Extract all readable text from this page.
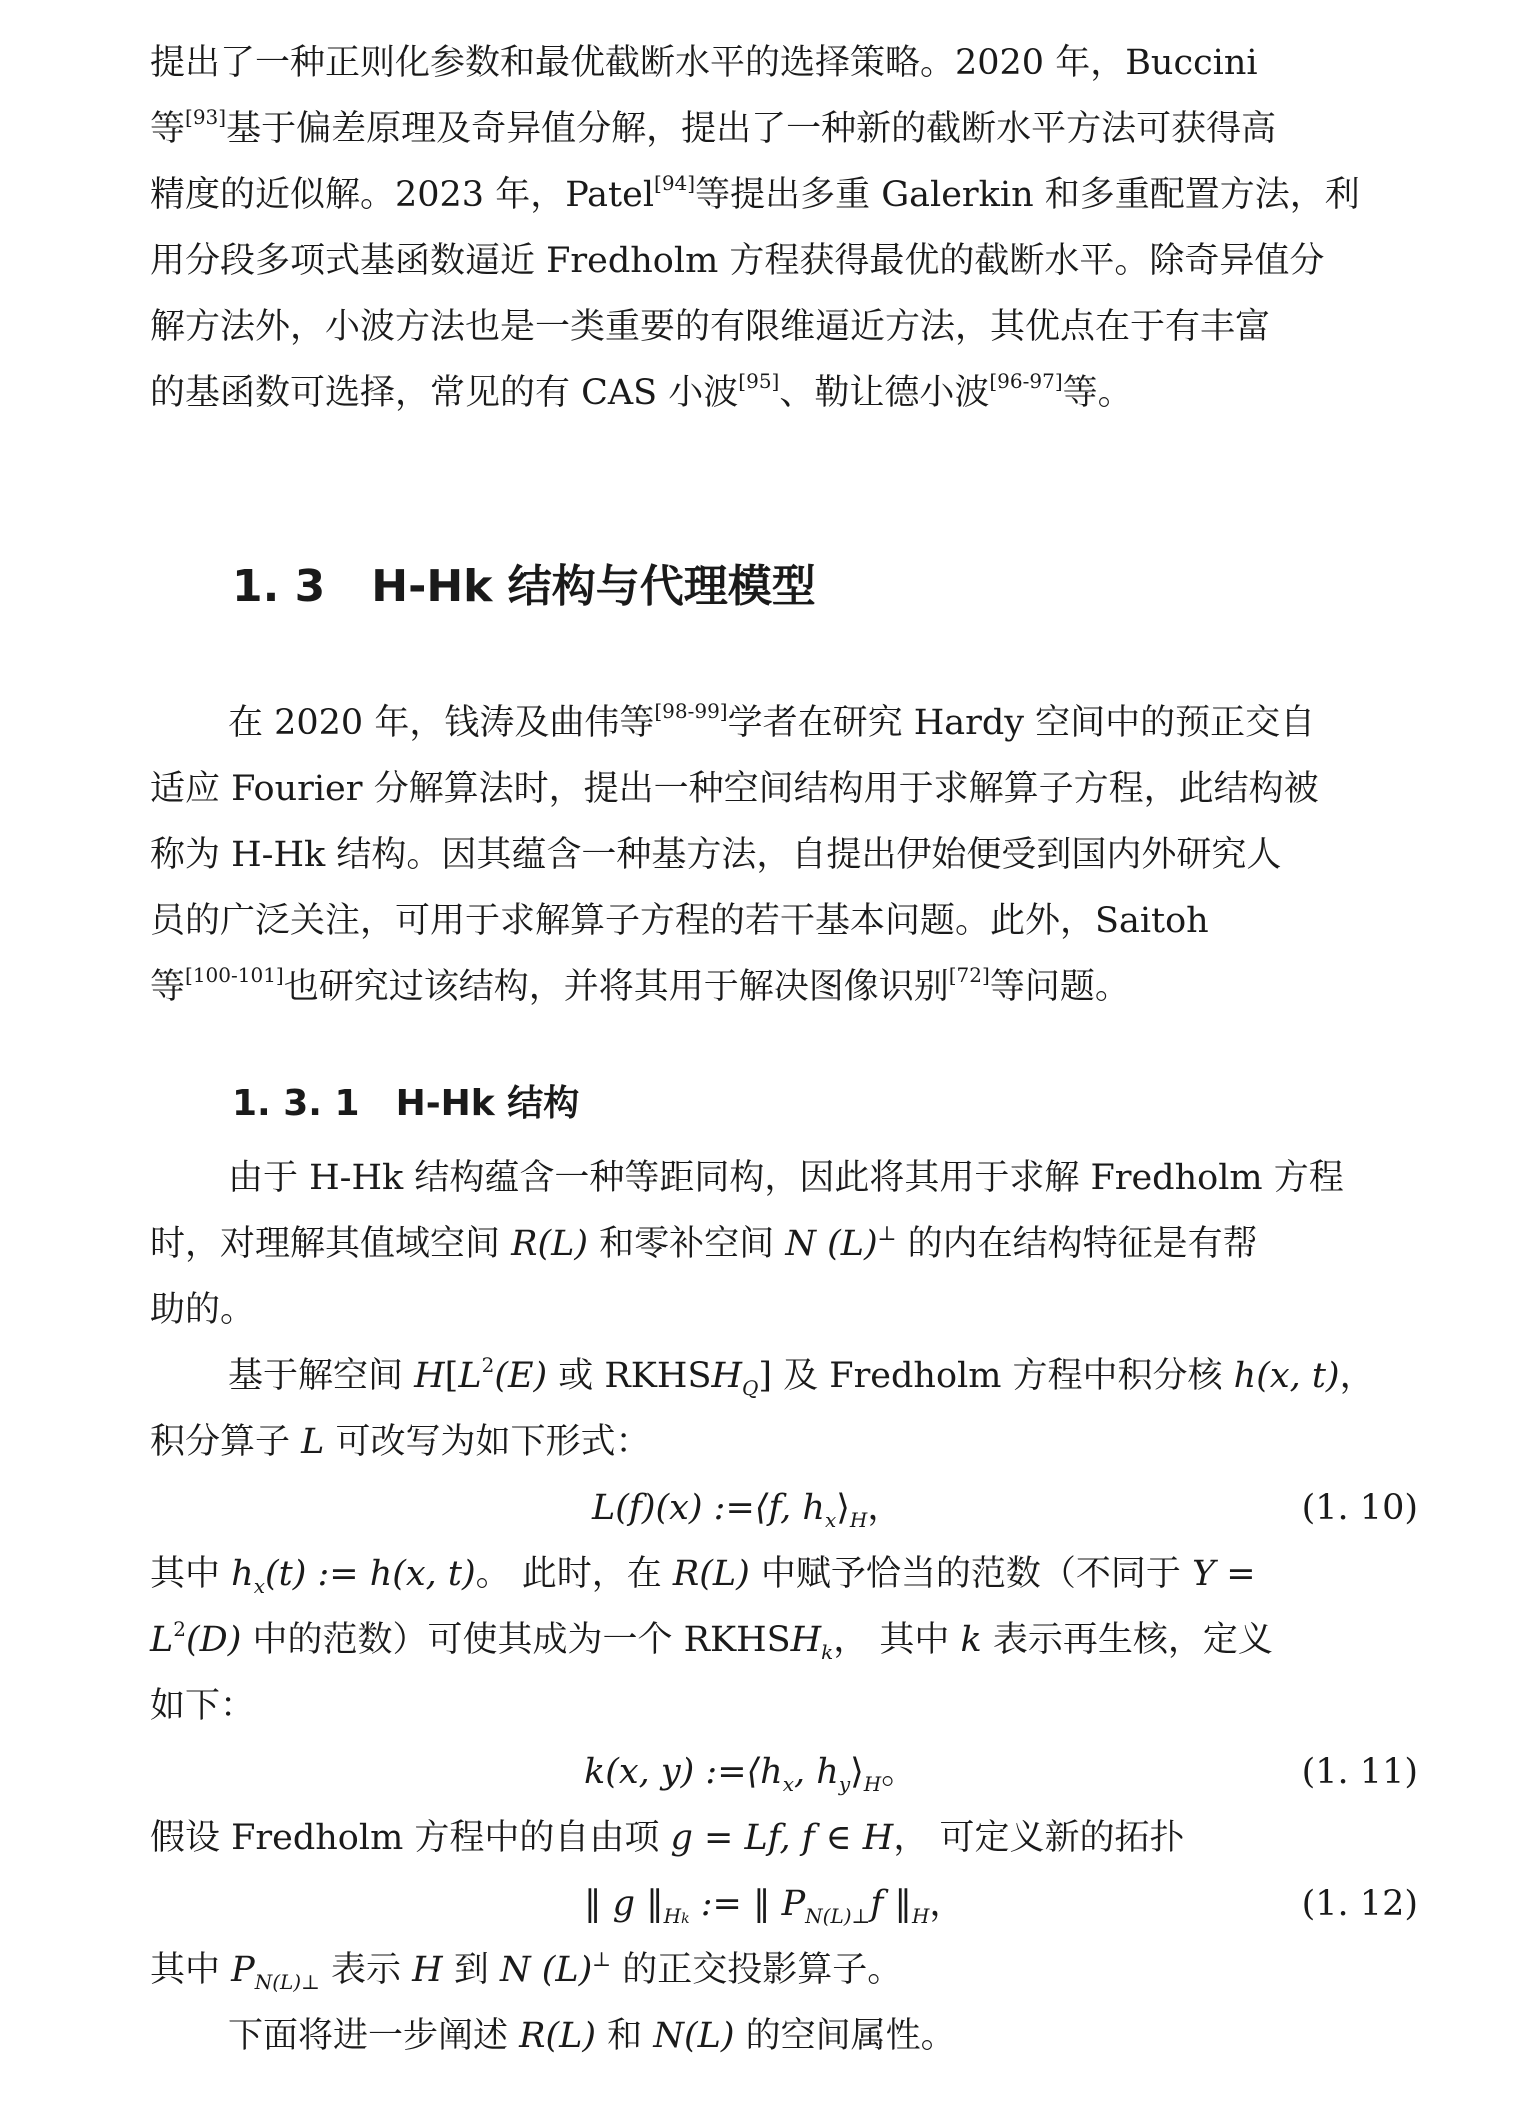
提出了一种正则化参数和最优截断水平的选择策略。2020 年，Buccini

等[93]基于偏差原理及奇异值分解，提出了一种新的截断水平方法可获得高

精度的近似解。2023 年，Patel[94]等提出多重 Galerkin 和多重配置方法，利

用分段多项式基函数逼近 Fredholm 方程获得最优的截断水平。除奇异值分

解方法外，小波方法也是一类重要的有限维逼近方法，其优点在于有丰富

的基函数可选择，常见的有 CAS 小波[95]、勒让德小波[96-97]等。

1. 3 H-Hk 结构与代理模型

在 2020 年，钱涛及曲伟等[98-99]学者在研究 Hardy 空间中的预正交自

适应 Fourier 分解算法时，提出一种空间结构用于求解算子方程，此结构被

称为 H-Hk 结构。因其蕴含一种基方法，自提出伊始便受到国内外研究人

员的广泛关注，可用于求解算子方程的若干基本问题。此外，Saitoh

等[100-101]也研究过该结构，并将其用于解决图像识别[72]等问题。

1. 3. 1 H-Hk 结构

由于 H-Hk 结构蕴含一种等距同构，因此将其用于求解 Fredholm 方程

时，对理解其值域空间 R(L) 和零补空间 N (L)⊥ 的内在结构特征是有帮

助的。

基于解空间 $H[L^2(E)$ 或 $RKHSH_Q$] 及 Fredholm 方程中积分核 h(x, t)，

积分算子 L 可改写为如下形式：

L(f)(x) :=⟨f, $h_x⟩_H$，	(1. 10)

其中 $h_x(t)$ := h(x, t)。 此时，在 R(L) 中赋予恰当的范数（不同于 Y =

$L^2(D)$ 中的范数）可使其成为一个 $RKHSH_k$， 其中 k 表示再生核，定义

如下：

k(x, y) $:=⟨h_x$, $h_y⟩_H$。	(1. 11)

假设 Fredholm 方程中的自由项 g = Lf, f ∈ H， 可定义新的拓扑

‖ g $‖_{Hk}$ := ‖ $P_{N(L)\perp}f$ $‖_H$，	(1. 12)

其中 $P_{N(L)\perp}$ 表示 H 到 N (L)⊥ 的正交投影算子。

下面将进一步阐述 R(L) 和 N(L) 的空间属性。
